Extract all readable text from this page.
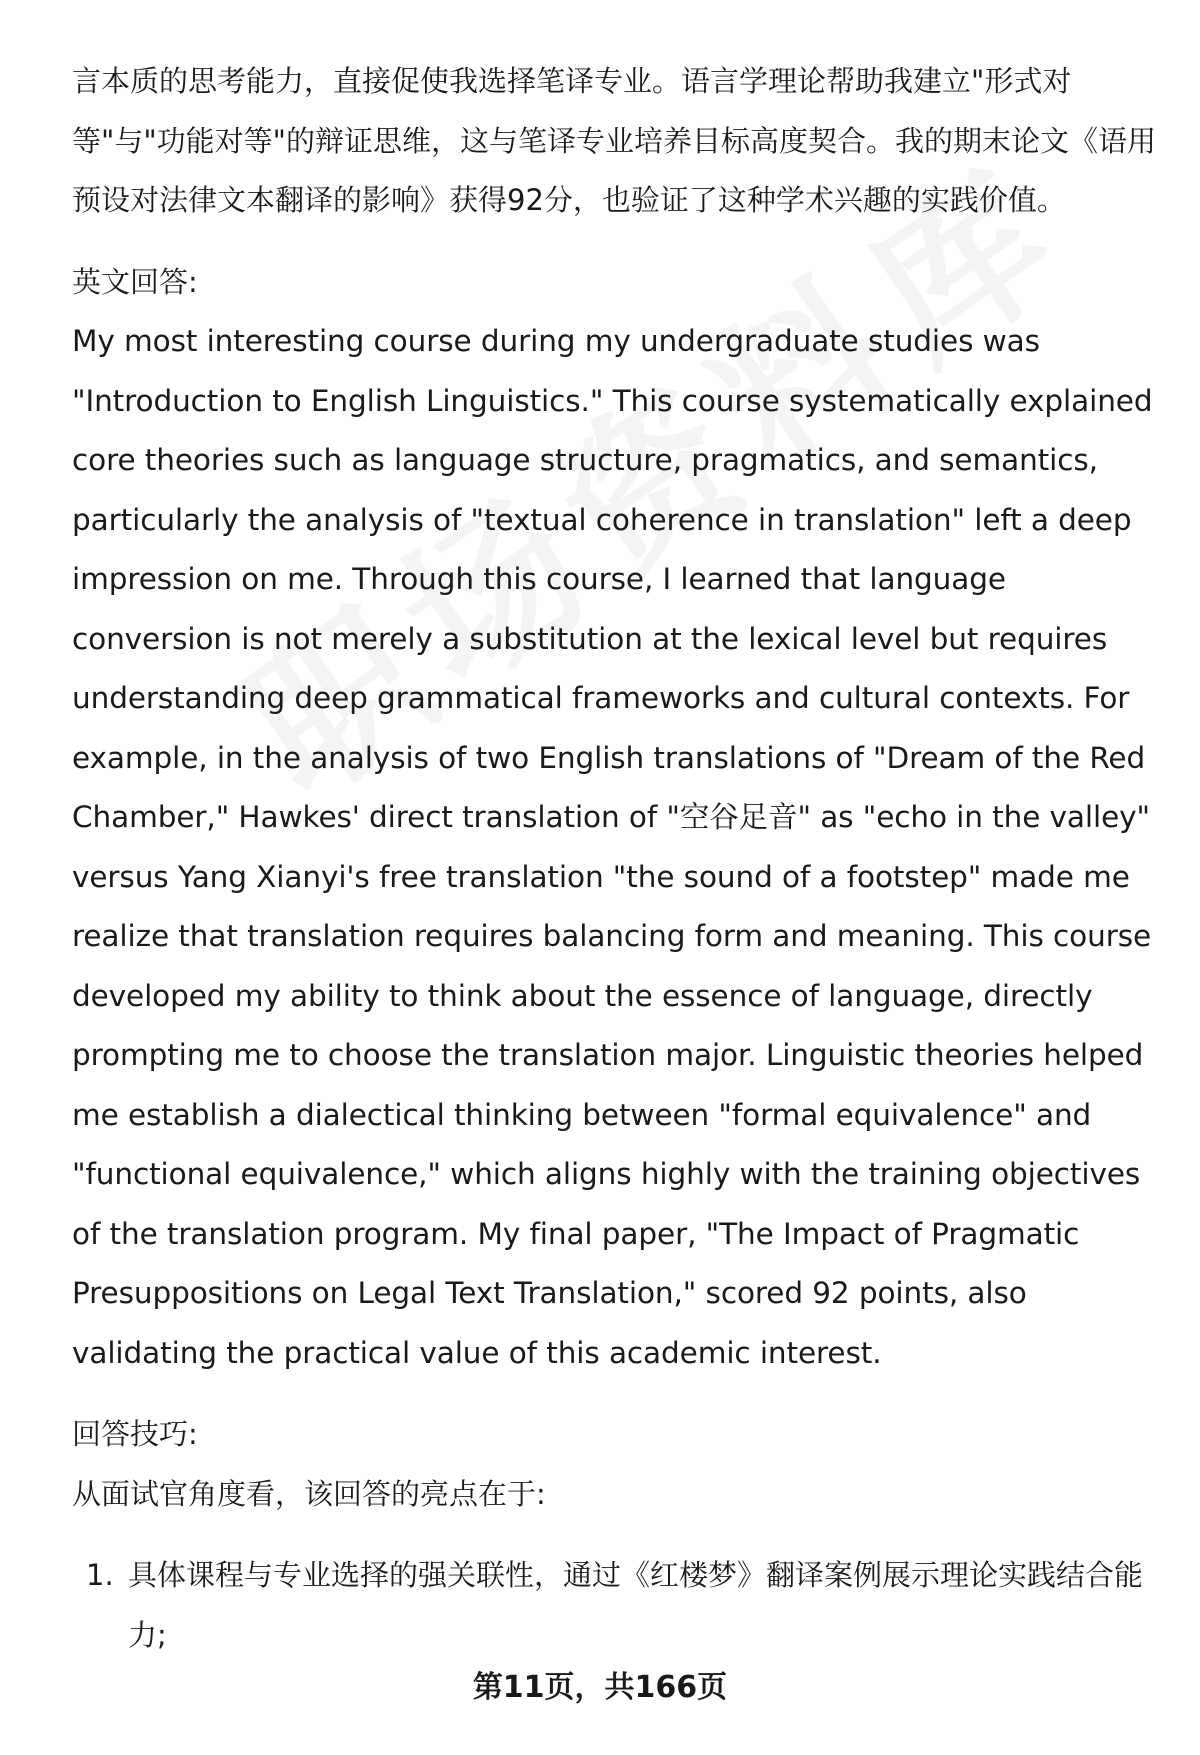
言本质的思考能力，直接促使我选择笔译专业。语言学理论帮助我建立"形式对等"与"功能对等"的辩证思维，这与笔译专业培养目标高度契合。我的期末论文《语用预设对法律文本翻译的影响》获得92分，也验证了这种学术兴趣的实践价值。

英文回答:

My most interesting course during my undergraduate studies was "Introduction to English Linguistics." This course systematically explained core theories such as language structure, pragmatics, and semantics, particularly the analysis of "textual coherence in translation" left a deep impression on me. Through this course, I learned that language conversion is not merely a substitution at the lexical level but requires understanding deep grammatical frameworks and cultural contexts. For example, in the analysis of two English translations of "Dream of the Red Chamber," Hawkes' direct translation of "空谷足音" as "echo in the valley" versus Yang Xianyi's free translation "the sound of a footstep" made me realize that translation requires balancing form and meaning. This course developed my ability to think about the essence of language, directly prompting me to choose the translation major. Linguistic theories helped me establish a dialectical thinking between "formal equivalence" and "functional equivalence," which aligns highly with the training objectives of the translation program. My final paper, "The Impact of Pragmatic Presuppositions on Legal Text Translation," scored 92 points, also validating the practical value of this academic interest.

回答技巧:

从面试官角度看，该回答的亮点在于:

1. 具体课程与专业选择的强关联性，通过《红楼梦》翻译案例展示理论实践结合能力;
第11页，共166页
